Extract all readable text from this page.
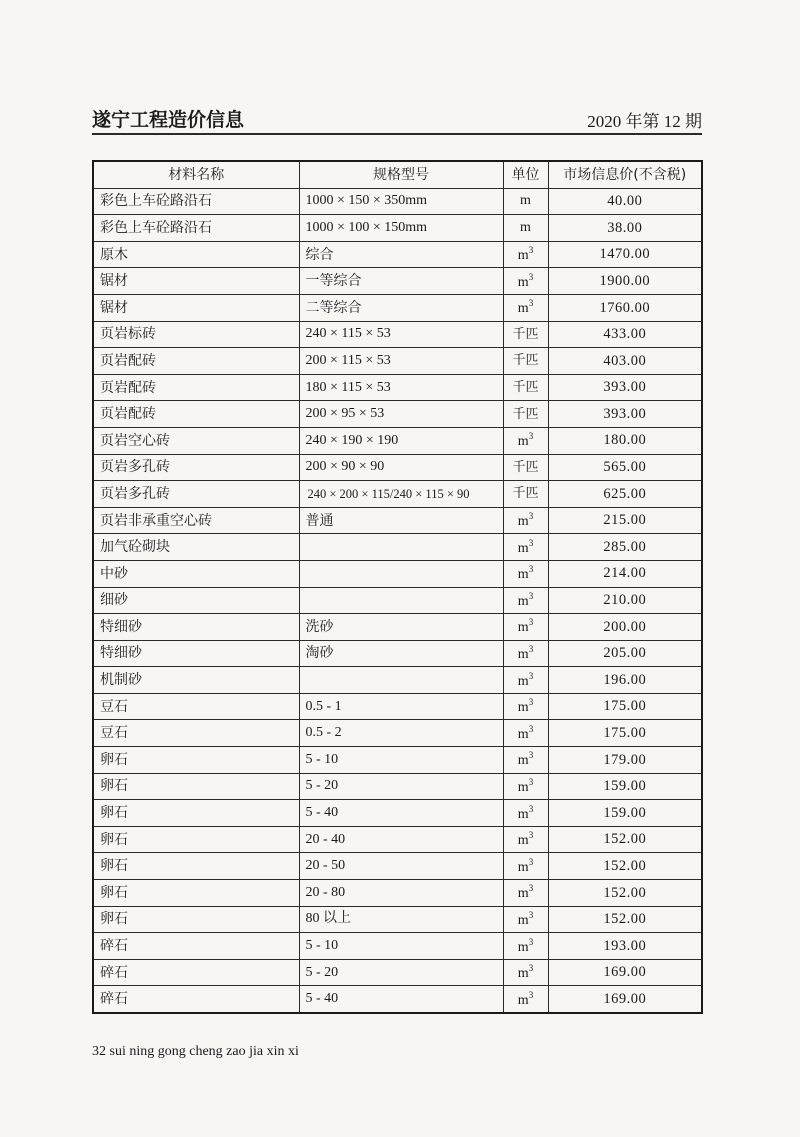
遂宁工程造价信息	2020 年第 12 期
材料名称	规格型号	单位	市场信息价(不含税)
彩色上车砼路沿石	1000 × 150 × 350mm	m	40.00
彩色上车砼路沿石	1000 × 100 × 150mm	m	38.00
原木	综合	$m^3$	1470.00
锯材	一等综合	$m^3$	1900.00
锯材	二等综合	$m^3$	1760.00
页岩标砖	240 × 115 × 53	千匹	433.00
页岩配砖	200 × 115 × 53	千匹	403.00
页岩配砖	180 × 115 × 53	千匹	393.00
页岩配砖	200 × 95 × 53	千匹	393.00
页岩空心砖	240 × 190 × 190	$m^3$	180.00
页岩多孔砖	200 × 90 × 90	千匹	565.00
页岩多孔砖	240 × 200 × 115/240 × 115 × 90	千匹	625.00
页岩非承重空心砖	普通	$m^3$	215.00
加气砼砌块		$m^3$	285.00
中砂		$m^3$	214.00
细砂		$m^3$	210.00
特细砂	洗砂	$m^3$	200.00
特细砂	淘砂	$m^3$	205.00
机制砂		$m^3$	196.00
豆石	0.5 - 1	$m^3$	175.00
豆石	0.5 - 2	$m^3$	175.00
卵石	5 - 10	$m^3$	179.00
卵石	5 - 20	$m^3$	159.00
卵石	5 - 40	$m^3$	159.00
卵石	20 - 40	$m^3$	152.00
卵石	20 - 50	$m^3$	152.00
卵石	20 - 80	$m^3$	152.00
卵石	80 以上	$m^3$	152.00
碎石	5 - 10	$m^3$	193.00
碎石	5 - 20	$m^3$	169.00
碎石	5 - 40	$m^3$	169.00
32 sui ning gong cheng zao jia xin xi
